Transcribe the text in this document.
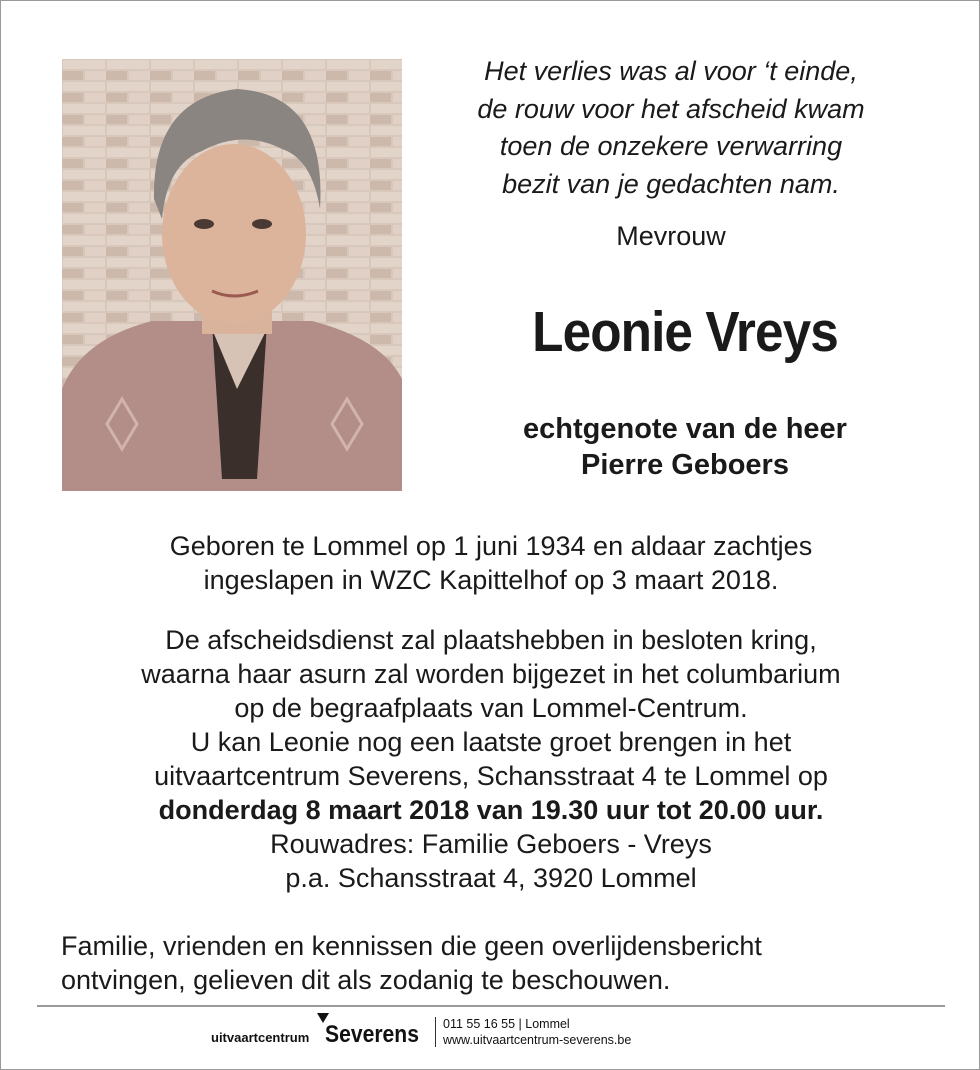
Het verlies was al voor ‘t einde,
de rouw voor het afscheid kwam
toen de onzekere verwarring
bezit van je gedachten nam.
Mevrouw
Leonie Vreys
echtgenote van de heer
Pierre Geboers
Geboren te Lommel op 1 juni 1934 en aldaar zachtjes
ingeslapen in WZC Kapittelhof op 3 maart 2018.
De afscheidsdienst zal plaatshebben in besloten kring,
waarna haar asurn zal worden bijgezet in het columbarium
op de begraafplaats van Lommel-Centrum.
U kan Leonie nog een laatste groet brengen in het
uitvaartcentrum Severens, Schansstraat 4 te Lommel op
donderdag 8 maart 2018 van 19.30 uur tot 20.00 uur.
Rouwadres: Familie Geboers - Vreys
p.a. Schansstraat 4, 3920 Lommel
Familie, vrienden en kennissen die geen overlijdensbericht
ontvingen, gelieven dit als zodanig te beschouwen.
uitvaartcentrum Severens 011 55 16 55 | Lommel
www.uitvaartcentrum-severens.be
